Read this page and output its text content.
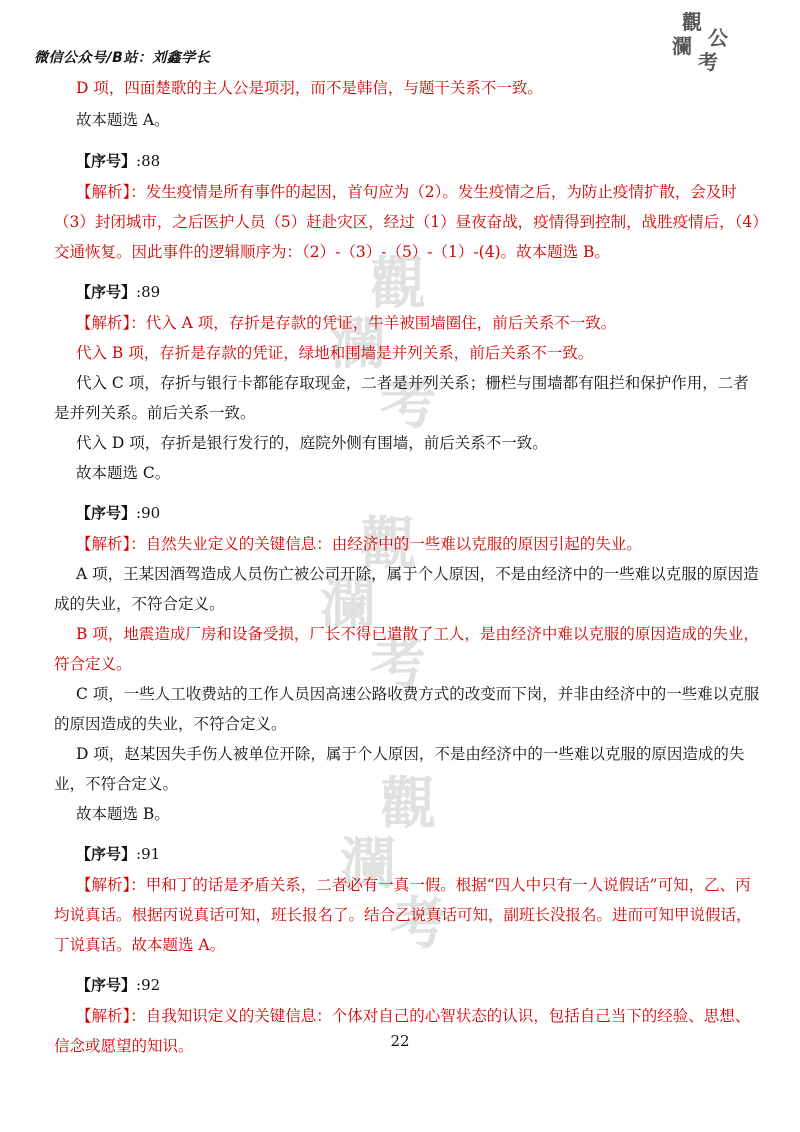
微信公众号/B站：刘鑫学长
觀
瀾 公
考
觀
瀾
考
觀
瀾
考
觀
瀾
考
D 项，四面楚歌的主人公是项羽，而不是韩信，与题干关系不一致。
故本题选 A。
【序号】:88
【解析】：发生疫情是所有事件的起因，首句应为（2）。发生疫情之后，为防止疫情扩散，会及时（3）封闭城市，之后医护人员（5）赶赴灾区，经过（1）昼夜奋战，疫情得到控制，战胜疫情后，（4）交通恢复。因此事件的逻辑顺序为：（2）-（3）-（5）-（1）-(4)。故本题选 B。
【序号】:89
【解析】：代入 A 项，存折是存款的凭证，牛羊被围墙圈住，前后关系不一致。
代入 B 项，存折是存款的凭证，绿地和围墙是并列关系，前后关系不一致。
代入 C 项，存折与银行卡都能存取现金，二者是并列关系；栅栏与围墙都有阻拦和保护作用，二者是并列关系。前后关系一致。
代入 D 项，存折是银行发行的，庭院外侧有围墙，前后关系不一致。
故本题选 C。
【序号】:90
【解析】：自然失业定义的关键信息：由经济中的一些难以克服的原因引起的失业。
A 项，王某因酒驾造成人员伤亡被公司开除，属于个人原因，不是由经济中的一些难以克服的原因造成的失业，不符合定义。
B 项，地震造成厂房和设备受损，厂长不得已遣散了工人，是由经济中难以克服的原因造成的失业，符合定义。
C 项，一些人工收费站的工作人员因高速公路收费方式的改变而下岗，并非由经济中的一些难以克服的原因造成的失业，不符合定义。
D 项，赵某因失手伤人被单位开除，属于个人原因，不是由经济中的一些难以克服的原因造成的失业，不符合定义。
故本题选 B。
【序号】:91
【解析】：甲和丁的话是矛盾关系，二者必有一真一假。根据“四人中只有一人说假话”可知，乙、丙均说真话。根据丙说真话可知，班长报名了。结合乙说真话可知，副班长没报名。进而可知甲说假话，丁说真话。故本题选 A。
【序号】:92
【解析】：自我知识定义的关键信息：个体对自己的心智状态的认识，包括自己当下的经验、思想、信念或愿望的知识。	22
